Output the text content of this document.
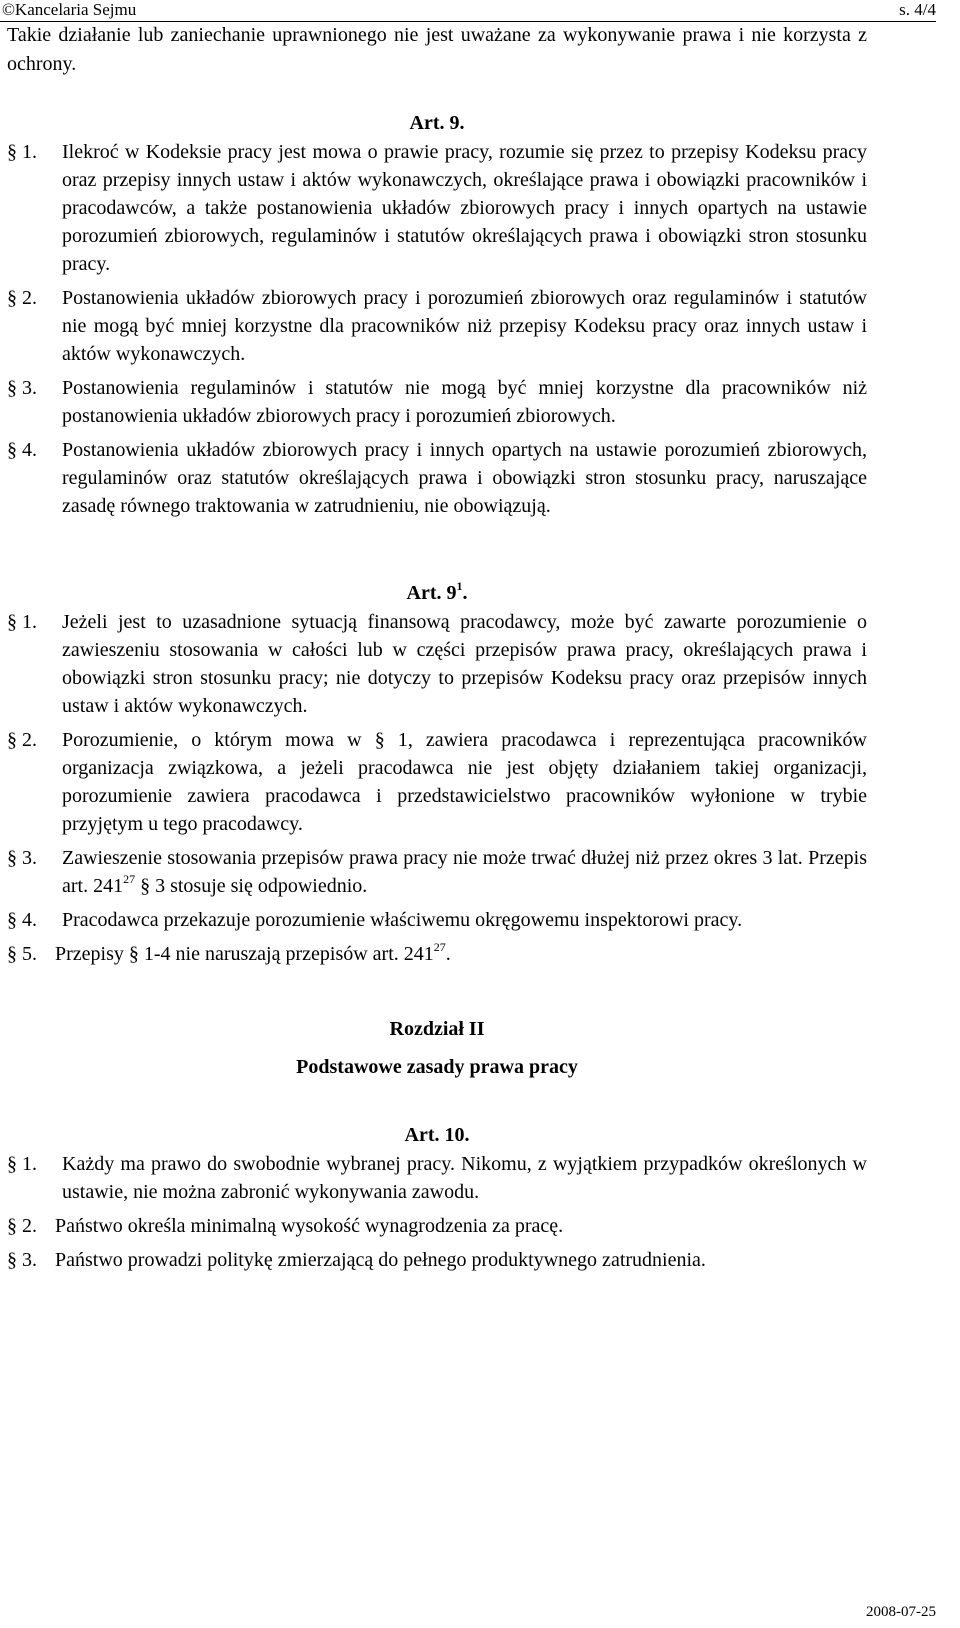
©Kancelaria Sejmu	s. 4/4

Takie działanie lub zaniechanie uprawnionego nie jest uważane za wykonywanie prawa i nie korzysta z ochrony.

Art. 9.

§ 1. Ilekroć w Kodeksie pracy jest mowa o prawie pracy, rozumie się przez to przepisy Kodeksu pracy oraz przepisy innych ustaw i aktów wykonawczych, określające prawa i obowiązki pracowników i pracodawców, a także postanowienia układów zbiorowych pracy i innych opartych na ustawie porozumień zbiorowych, regulaminów i statutów określających prawa i obowiązki stron stosunku pracy.

§ 2. Postanowienia układów zbiorowych pracy i porozumień zbiorowych oraz regulaminów i statutów nie mogą być mniej korzystne dla pracowników niż przepisy Kodeksu pracy oraz innych ustaw i aktów wykonawczych.

§ 3. Postanowienia regulaminów i statutów nie mogą być mniej korzystne dla pracowników niż postanowienia układów zbiorowych pracy i porozumień zbiorowych.

§ 4. Postanowienia układów zbiorowych pracy i innych opartych na ustawie porozumień zbiorowych, regulaminów oraz statutów określających prawa i obowiązki stron stosunku pracy, naruszające zasadę równego traktowania w zatrudnieniu, nie obowiązują.

Art. $9^1$.

§ 1. Jeżeli jest to uzasadnione sytuacją finansową pracodawcy, może być zawarte porozumienie o zawieszeniu stosowania w całości lub w części przepisów prawa pracy, określających prawa i obowiązki stron stosunku pracy; nie dotyczy to przepisów Kodeksu pracy oraz przepisów innych ustaw i aktów wykonawczych.

§ 2. Porozumienie, o którym mowa w § 1, zawiera pracodawca i reprezentująca pracowników organizacja związkowa, a jeżeli pracodawca nie jest objęty działaniem takiej organizacji, porozumienie zawiera pracodawca i przedstawicielstwo pracowników wyłonione w trybie przyjętym u tego pracodawcy.

§ 3. Zawieszenie stosowania przepisów prawa pracy nie może trwać dłużej niż przez okres 3 lat. Przepis art. $241^{27}$ § 3 stosuje się odpowiednio.

§ 4. Pracodawca przekazuje porozumienie właściwemu okręgowemu inspektorowi pracy.

§ 5. Przepisy § 1-4 nie naruszają przepisów art. $241^{27}$.

Rozdział II

Podstawowe zasady prawa pracy

Art. 10.

§ 1. Każdy ma prawo do swobodnie wybranej pracy. Nikomu, z wyjątkiem przypadków określonych w ustawie, nie można zabronić wykonywania zawodu.

§ 2. Państwo określa minimalną wysokość wynagrodzenia za pracę.

§ 3. Państwo prowadzi politykę zmierzającą do pełnego produktywnego zatrudnienia.

2008-07-25
